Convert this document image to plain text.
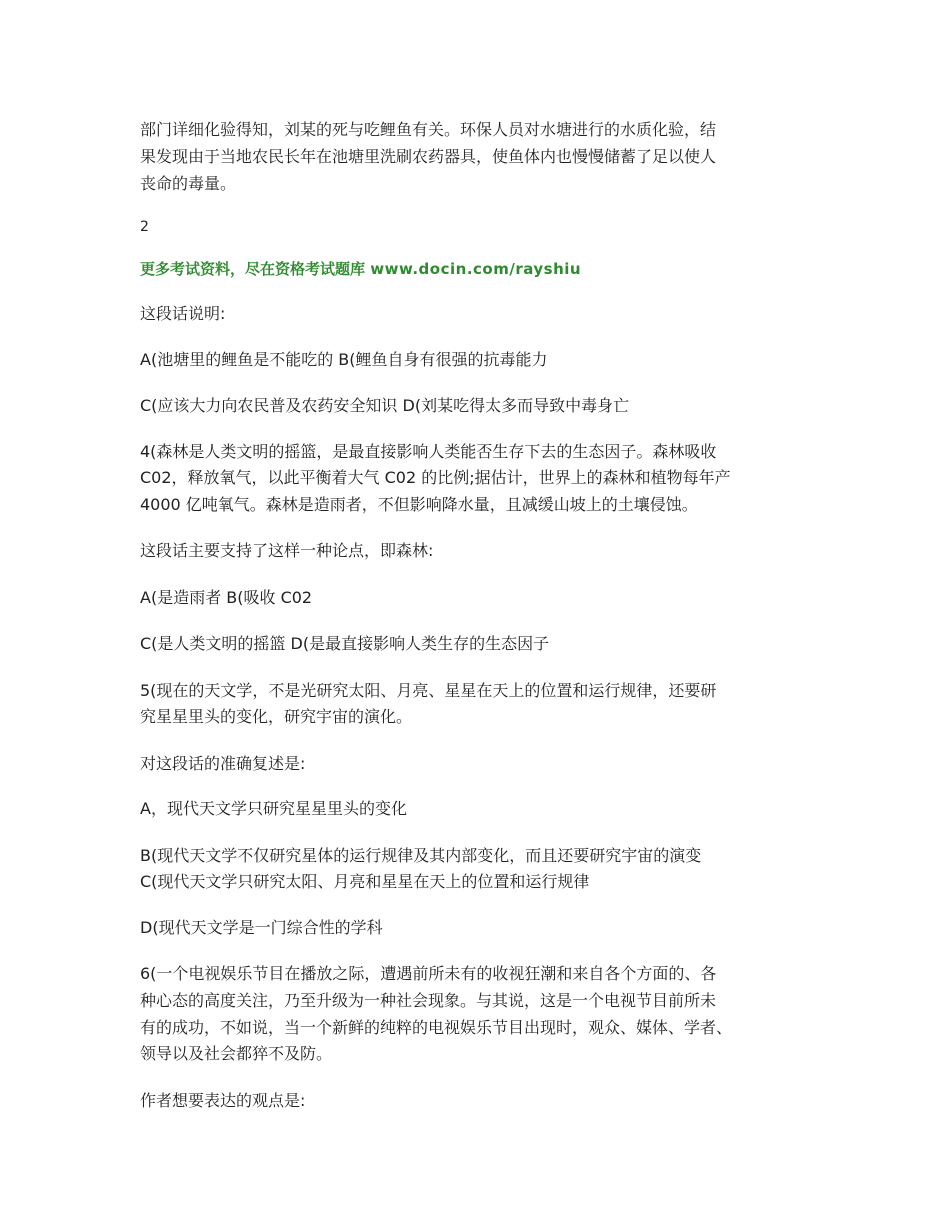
部门详细化验得知，刘某的死与吃鲤鱼有关。环保人员对水塘进行的水质化验，结
果发现由于当地农民长年在池塘里洗刷农药器具，使鱼体内也慢慢储蓄了足以使人
丧命的毒量。
2
更多考试资料，尽在资格考试题库 www.docin.com/rayshiu
这段话说明:
A(池塘里的鲤鱼是不能吃的 B(鲤鱼自身有很强的抗毒能力
C(应该大力向农民普及农药安全知识 D(刘某吃得太多而导致中毒身亡
4(森林是人类文明的摇篮，是最直接影响人类能否生存下去的生态因子。森林吸收
C02，释放氧气，以此平衡着大气 C02 的比例;据估计，世界上的森林和植物每年产
4000 亿吨氧气。森林是造雨者，不但影响降水量，且减缓山坡上的土壤侵蚀。
这段话主要支持了这样一种论点，即森林:
A(是造雨者 B(吸收 C02
C(是人类文明的摇篮 D(是最直接影响人类生存的生态因子
5(现在的天文学，不是光研究太阳、月亮、星星在天上的位置和运行规律，还要研
究星星里头的变化，研究宇宙的演化。
对这段话的准确复述是:
A，现代天文学只研究星星里头的变化
B(现代天文学不仅研究星体的运行规律及其内部变化，而且还要研究宇宙的演变
C(现代天文学只研究太阳、月亮和星星在天上的位置和运行规律
D(现代天文学是一门综合性的学科
6(一个电视娱乐节目在播放之际，遭遇前所未有的收视狂潮和来自各个方面的、各
种心态的高度关注，乃至升级为一种社会现象。与其说，这是一个电视节目前所未
有的成功，不如说，当一个新鲜的纯粹的电视娱乐节目出现时，观众、媒体、学者、
领导以及社会都猝不及防。
作者想要表达的观点是:
